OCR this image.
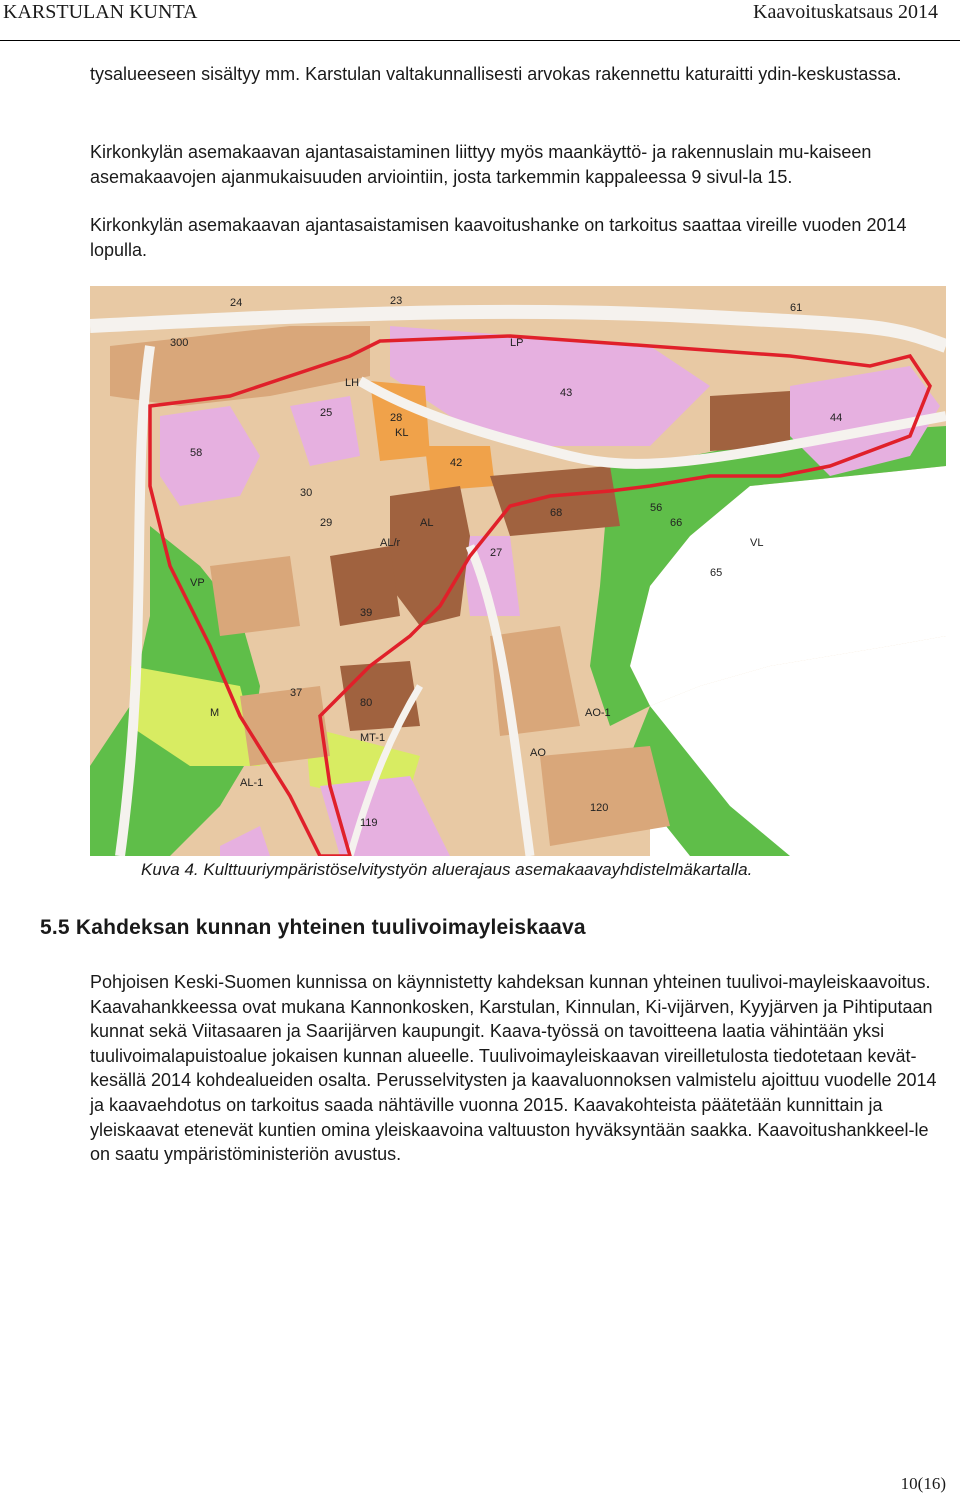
KARSTULAN KUNTA	Kaavoituskatsaus 2014

tysalueeseen sisältyy mm. Karstulan valtakunnallisesti arvokas rakennettu katuraitti ydin-keskustassa.

Kirkonkylän asemakaavan ajantasaistaminen liittyy myös maankäyttö- ja rakennuslain mu-kaiseen asemakaavojen ajanmukaisuuden arviointiin, josta tarkemmin kappaleessa 9 sivul-la 15.

Kirkonkylän asemakaavan ajantasaistamisen kaavoitushanke on tarkoitus saattaa vireille vuoden 2014 lopulla.

24	23
61
LH
LP
43
44
58
300
25	28
KL
42
AL
30
29
AL/r
56
65
37
39
AO-1
M
MT-1
VP
VL
119
120
AL-1
AO
66
68
27
80
Kuva 4. Kulttuuriympäristöselvitystyön aluerajaus asemakaavayhdistelmäkartalla.
5.5 Kahdeksan kunnan yhteinen tuulivoimayleiskaava

Pohjoisen Keski-Suomen kunnissa on käynnistetty kahdeksan kunnan yhteinen tuulivoi-mayleiskaavoitus. Kaavahankkeessa ovat mukana Kannonkosken, Karstulan, Kinnulan, Ki-vijärven, Kyyjärven ja Pihtiputaan kunnat sekä Viitasaaren ja Saarijärven kaupungit. Kaava-työssä on tavoitteena laatia vähintään yksi tuulivoimalapuistoalue jokaisen kunnan alueelle. Tuulivoimayleiskaavan vireilletulosta tiedotetaan kevät-kesällä 2014 kohdealueiden osalta. Perusselvitysten ja kaavaluonnoksen valmistelu ajoittuu vuodelle 2014 ja kaavaehdotus on tarkoitus saada nähtäville vuonna 2015. Kaavakohteista päätetään kunnittain ja yleiskaavat etenevät kuntien omina yleiskaavoina valtuuston hyväksyntään saakka. Kaavoitushankkeel-le on saatu ympäristöministeriön avustus.

10(16)
